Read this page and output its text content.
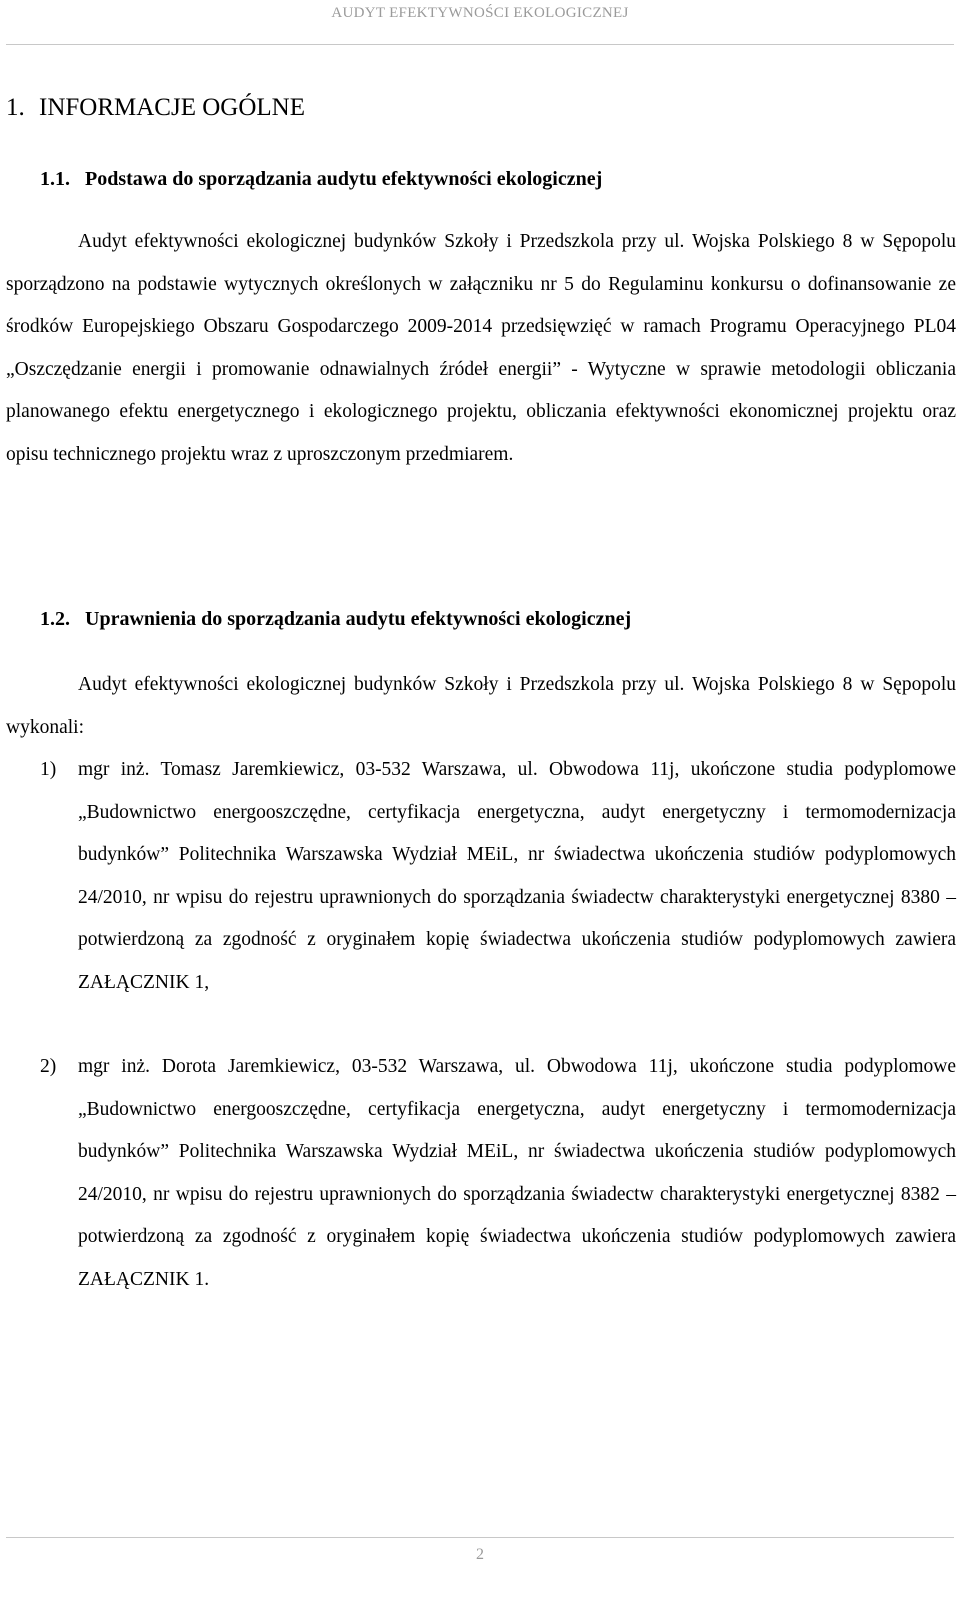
AUDYT EFEKTYWNOŚCI EKOLOGICZNEJ
1. INFORMACJE OGÓLNE
1.1. Podstawa do sporządzania audytu efektywności ekologicznej
Audyt efektywności ekologicznej budynków Szkoły i Przedszkola przy ul. Wojska Polskiego 8 w Sępopolu sporządzono na podstawie wytycznych określonych w załączniku nr 5 do Regulaminu konkursu o dofinansowanie ze środków Europejskiego Obszaru Gospodarczego 2009-2014 przedsięwzięć w ramach Programu Operacyjnego PL04 „Oszczędzanie energii i promowanie odnawialnych źródeł energii” - Wytyczne w sprawie metodologii obliczania planowanego efektu energetycznego i ekologicznego projektu, obliczania efektywności ekonomicznej projektu oraz opisu technicznego projektu wraz z uproszczonym przedmiarem.
1.2. Uprawnienia do sporządzania audytu efektywności ekologicznej
Audyt efektywności ekologicznej budynków Szkoły i Przedszkola przy ul. Wojska Polskiego 8 w Sępopolu wykonali:
1) mgr inż. Tomasz Jaremkiewicz, 03-532 Warszawa, ul. Obwodowa 11j, ukończone studia podyplomowe „Budownictwo energooszczędne, certyfikacja energetyczna, audyt energetyczny i termomodernizacja budynków” Politechnika Warszawska Wydział MEiL, nr świadectwa ukończenia studiów podyplomowych 24/2010, nr wpisu do rejestru uprawnionych do sporządzania świadectw charakterystyki energetycznej 8380 – potwierdzoną za zgodność z oryginałem kopię świadectwa ukończenia studiów podyplomowych zawiera ZAŁĄCZNIK 1,
2) mgr inż. Dorota Jaremkiewicz, 03-532 Warszawa, ul. Obwodowa 11j, ukończone studia podyplomowe „Budownictwo energooszczędne, certyfikacja energetyczna, audyt energetyczny i termomodernizacja budynków” Politechnika Warszawska Wydział MEiL, nr świadectwa ukończenia studiów podyplomowych 24/2010, nr wpisu do rejestru uprawnionych do sporządzania świadectw charakterystyki energetycznej 8382 – potwierdzoną za zgodność z oryginałem kopię świadectwa ukończenia studiów podyplomowych zawiera ZAŁĄCZNIK 1.
2
